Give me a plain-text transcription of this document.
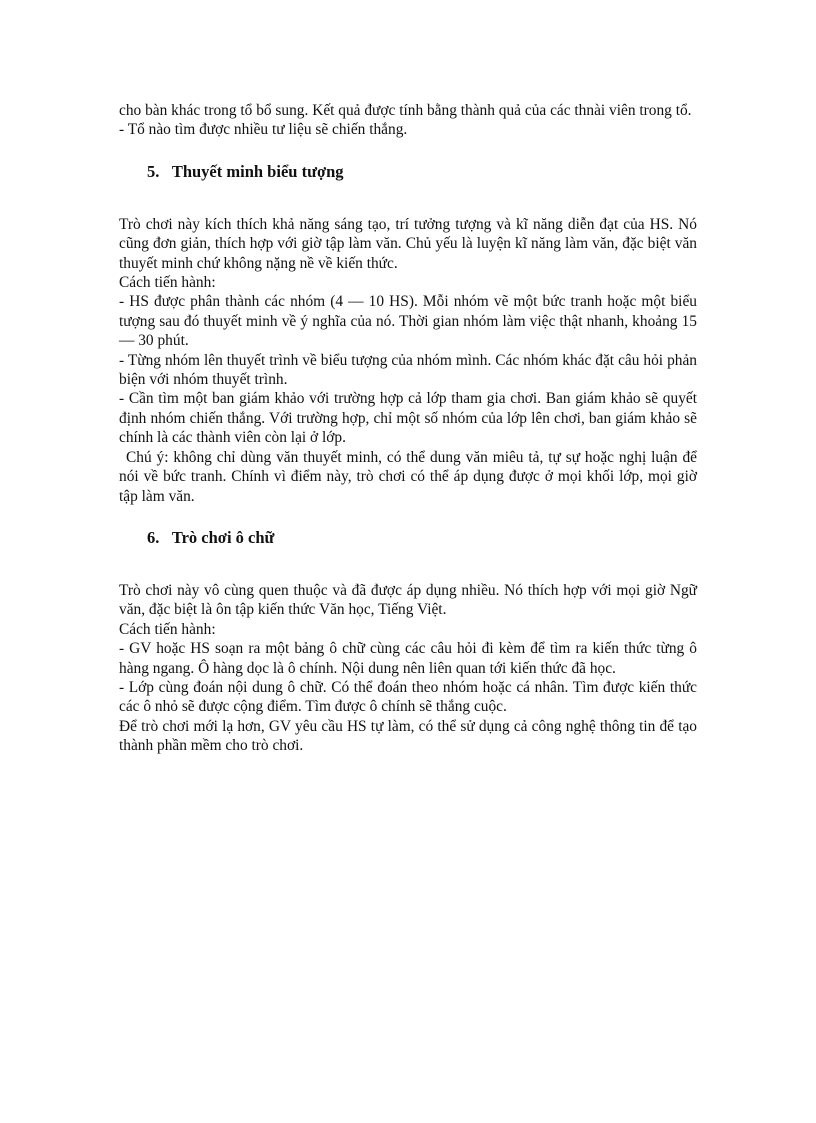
cho bàn khác trong tổ bổ sung. Kết quả được tính bằng thành quả của các thnài viên trong tổ.

- Tổ nào tìm được nhiều tư liệu sẽ chiến thắng.

5. Thuyết minh biểu tượng

Trò chơi này kích thích khả năng sáng tạo, trí tưởng tượng và kĩ năng diễn đạt của HS. Nó cũng đơn giản, thích hợp với giờ tập làm văn. Chủ yếu là luyện kĩ năng làm văn, đặc biệt văn thuyết minh chứ không nặng nề về kiến thức.

Cách tiến hành:

- HS được phân thành các nhóm (4 — 10 HS). Mỗi nhóm vẽ một bức tranh hoặc một biểu tượng sau đó thuyết minh về ý nghĩa của nó. Thời gian nhóm làm việc thật nhanh, khoảng 15 — 30 phút.

- Từng nhóm lên thuyết trình về biểu tượng của nhóm mình. Các nhóm khác đặt câu hỏi phản biện với nhóm thuyết trình.

- Cần tìm một ban giám khảo với trường hợp cả lớp tham gia chơi. Ban giám khảo sẽ quyết định nhóm chiến thắng. Với trường hợp, chỉ một số nhóm của lớp lên chơi, ban giám khảo sẽ chính là các thành viên còn lại ở lớp.

Chú ý: không chỉ dùng văn thuyết minh, có thể dung văn miêu tả, tự sự hoặc nghị luận để nói về bức tranh. Chính vì điểm này, trò chơi có thể áp dụng được ở mọi khối lớp, mọi giờ tập làm văn.

6. Trò chơi ô chữ

Trò chơi này vô cùng quen thuộc và đã được áp dụng nhiều. Nó thích hợp với mọi giờ Ngữ văn, đặc biệt là ôn tập kiến thức Văn học, Tiếng Việt.

Cách tiến hành:

- GV hoặc HS soạn ra một bảng ô chữ cùng các câu hỏi đi kèm để tìm ra kiến thức từng ô hàng ngang. Ô hàng dọc là ô chính. Nội dung nên liên quan tới kiến thức đã học.

- Lớp cùng đoán nội dung ô chữ. Có thể đoán theo nhóm hoặc cá nhân. Tìm được kiến thức các ô nhỏ sẽ được cộng điểm. Tìm được ô chính sẽ thắng cuộc.

Để trò chơi mới lạ hơn, GV yêu cầu HS tự làm, có thể sử dụng cả công nghệ thông tin để tạo thành phần mềm cho trò chơi.
